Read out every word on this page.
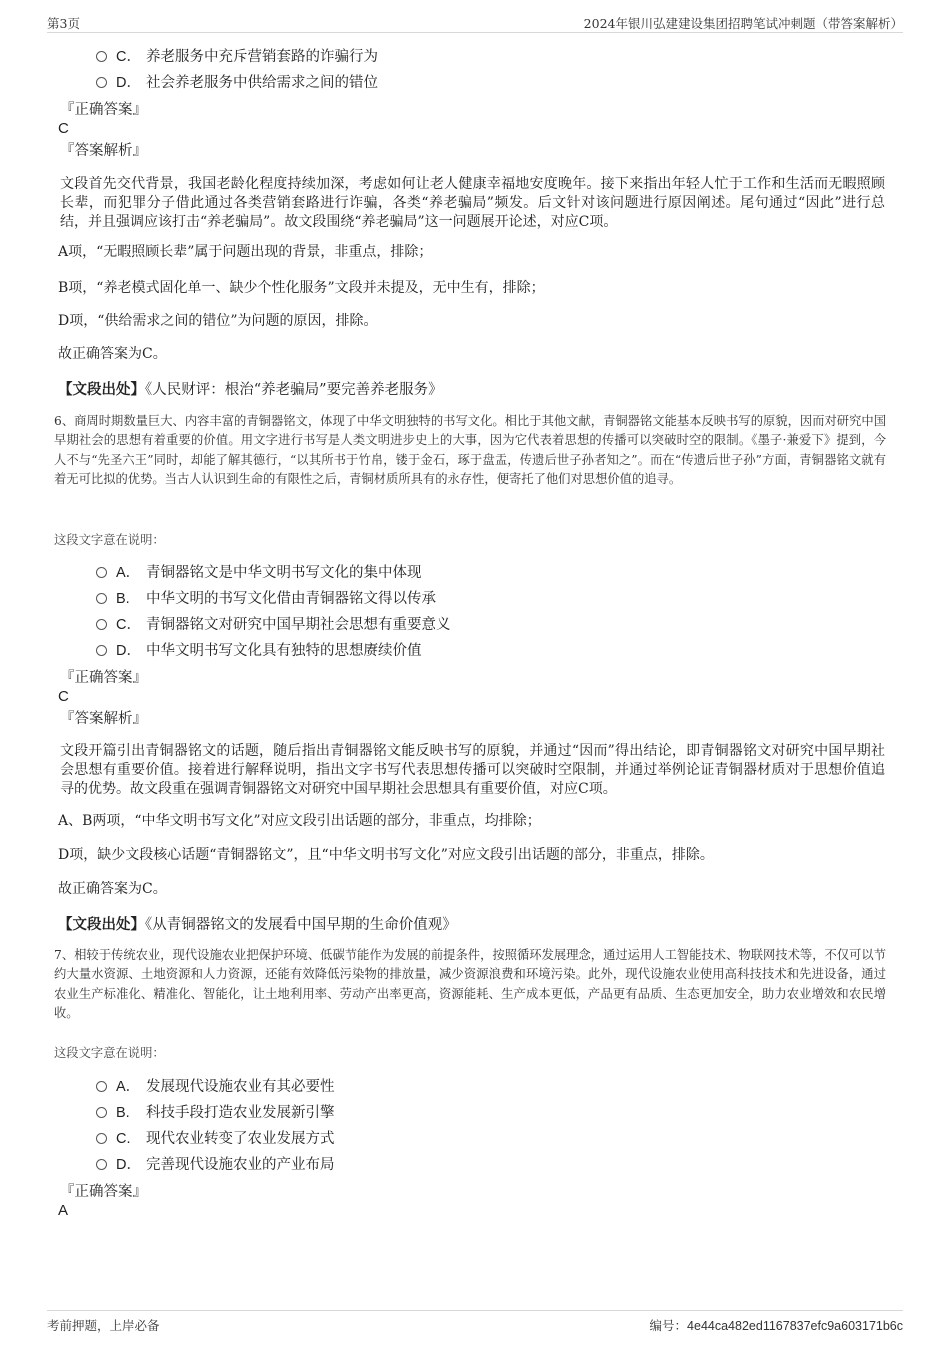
第3页	2024年银川弘建建设集团招聘笔试冲刺题（带答案解析）
C． 养老服务中充斥营销套路的诈骗行为
D． 社会养老服务中供给需求之间的错位
『正确答案』
C
『答案解析』
文段首先交代背景，我国老龄化程度持续加深，考虑如何让老人健康幸福地安度晚年。接下来指出年轻人忙于工作和生活而无暇照顾长辈，而犯罪分子借此通过各类营销套路进行诈骗，各类“养老骗局”频发。后文针对该问题进行原因阐述。尾句通过“因此”进行总结，并且强调应该打击“养老骗局”。故文段围绕“养老骗局”这一问题展开论述，对应C项。
A项，“无暇照顾长辈”属于问题出现的背景，非重点，排除；
B项，“养老模式固化单一、缺少个性化服务”文段并未提及，无中生有，排除；
D项，“供给需求之间的错位”为问题的原因，排除。
故正确答案为C。
【文段出处】《人民财评：根治“养老骗局”要完善养老服务》
6、商周时期数量巨大、内容丰富的青铜器铭文，体现了中华文明独特的书写文化。相比于其他文献，青铜器铭文能基本反映书写的原貌，因而对研究中国早期社会的思想有着重要的价值。用文字进行书写是人类文明进步史上的大事，因为它代表着思想的传播可以突破时空的限制。《墨子·兼爱下》提到，今人不与“先圣六王”同时，却能了解其德行，“以其所书于竹帛，镂于金石，琢于盘盂，传遗后世子孙者知之”。而在“传遗后世子孙”方面，青铜器铭文就有着无可比拟的优势。当古人认识到生命的有限性之后，青铜材质所具有的永存性，便寄托了他们对思想价值的追寻。
这段文字意在说明：
A． 青铜器铭文是中华文明书写文化的集中体现
B. 中华文明的书写文化借由青铜器铭文得以传承
C． 青铜器铭文对研究中国早期社会思想有重要意义
D． 中华文明书写文化具有独特的思想赓续价值
『正确答案』
C
『答案解析』
文段开篇引出青铜器铭文的话题，随后指出青铜器铭文能反映书写的原貌，并通过“因而”得出结论，即青铜器铭文对研究中国早期社会思想有重要价值。接着进行解释说明，指出文字书写代表思想传播可以突破时空限制，并通过举例论证青铜器材质对于思想价值追寻的优势。故文段重在强调青铜器铭文对研究中国早期社会思想具有重要价值，对应C项。
A、B两项，“中华文明书写文化”对应文段引出话题的部分，非重点，均排除；
D项，缺少文段核心话题“青铜器铭文”，且“中华文明书写文化”对应文段引出话题的部分，非重点，排除。
故正确答案为C。
【文段出处】《从青铜器铭文的发展看中国早期的生命价值观》
7、相较于传统农业，现代设施农业把保护环境、低碳节能作为发展的前提条件，按照循环发展理念，通过运用人工智能技术、物联网技术等，不仅可以节约大量水资源、土地资源和人力资源，还能有效降低污染物的排放量，减少资源浪费和环境污染。此外，现代设施农业使用高科技技术和先进设备，通过农业生产标准化、精准化、智能化，让土地利用率、劳动产出率更高，资源能耗、生产成本更低，产品更有品质、生态更加安全，助力农业增效和农民增收。
这段文字意在说明：
A． 发展现代设施农业有其必要性
B. 科技手段打造农业发展新引擎
C. 现代农业转变了农业发展方式
D． 完善现代设施农业的产业布局
『正确答案』
A
考前押题，上岸必备	编号：4e44ca482ed1167837efc9a603171b6c
